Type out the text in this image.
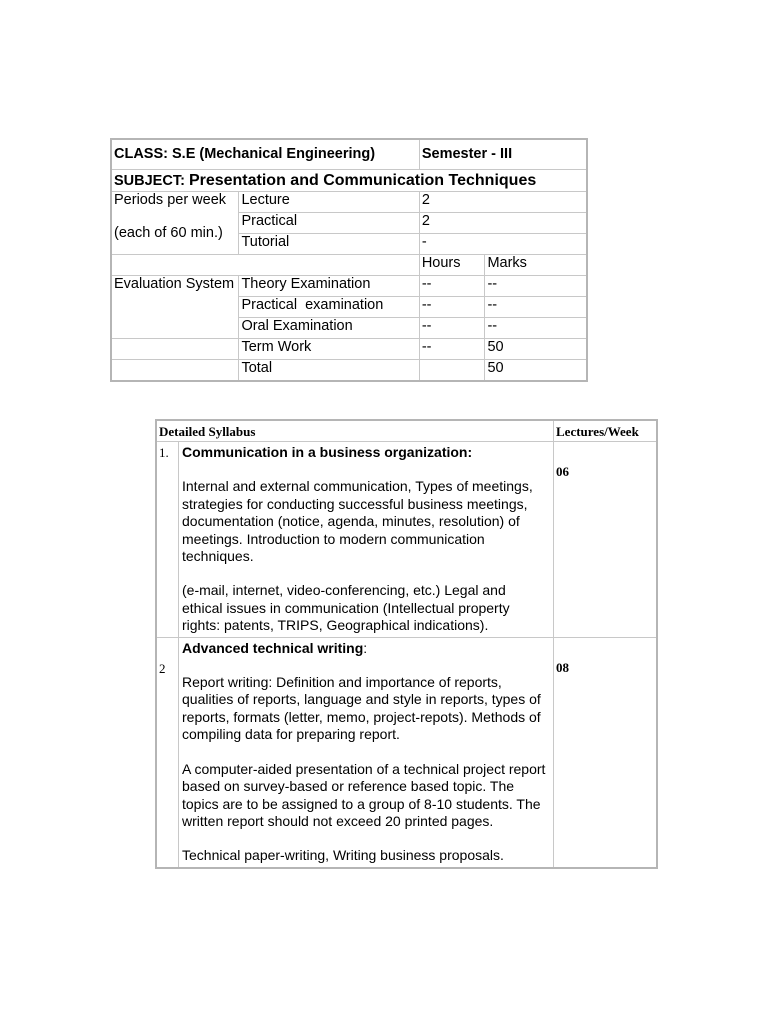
CLASS: S.E (Mechanical Engineering)		Semester - III	
SUBJECT: Presentation and Communication Techniques			
Periods per week	Lecture	2	
(each of 60 min.)	Practical	2	
	Tutorial	-	
		Hours	Marks
Evaluation System	Theory Examination	--	--
	Practical  examination	--	--
	Oral Examination	--	--
	Term Work	--	50
	Total		50
Detailed Syllabus		Lectures/Week
1.	Communication in a business organization:

Internal and external communication, Types of meetings, strategies for conducting successful business meetings, documentation (notice, agenda, minutes, resolution) of meetings. Introduction to modern communication techniques.

(e-mail, internet, video-conferencing, etc.) Legal and ethical issues in communication (Intellectual property rights: patents, TRIPS, Geographical indications).	06
2	Advanced technical writing:

Report writing: Definition and importance of reports, qualities of reports, language and style in reports, types of reports, formats (letter, memo, project-repots). Methods of compiling data for preparing report.

A computer-aided presentation of a technical project report based on survey-based or reference based topic. The topics are to be assigned to a group of 8-10 students. The written report should not exceed 20 printed pages.

Technical paper-writing, Writing business proposals.	08
